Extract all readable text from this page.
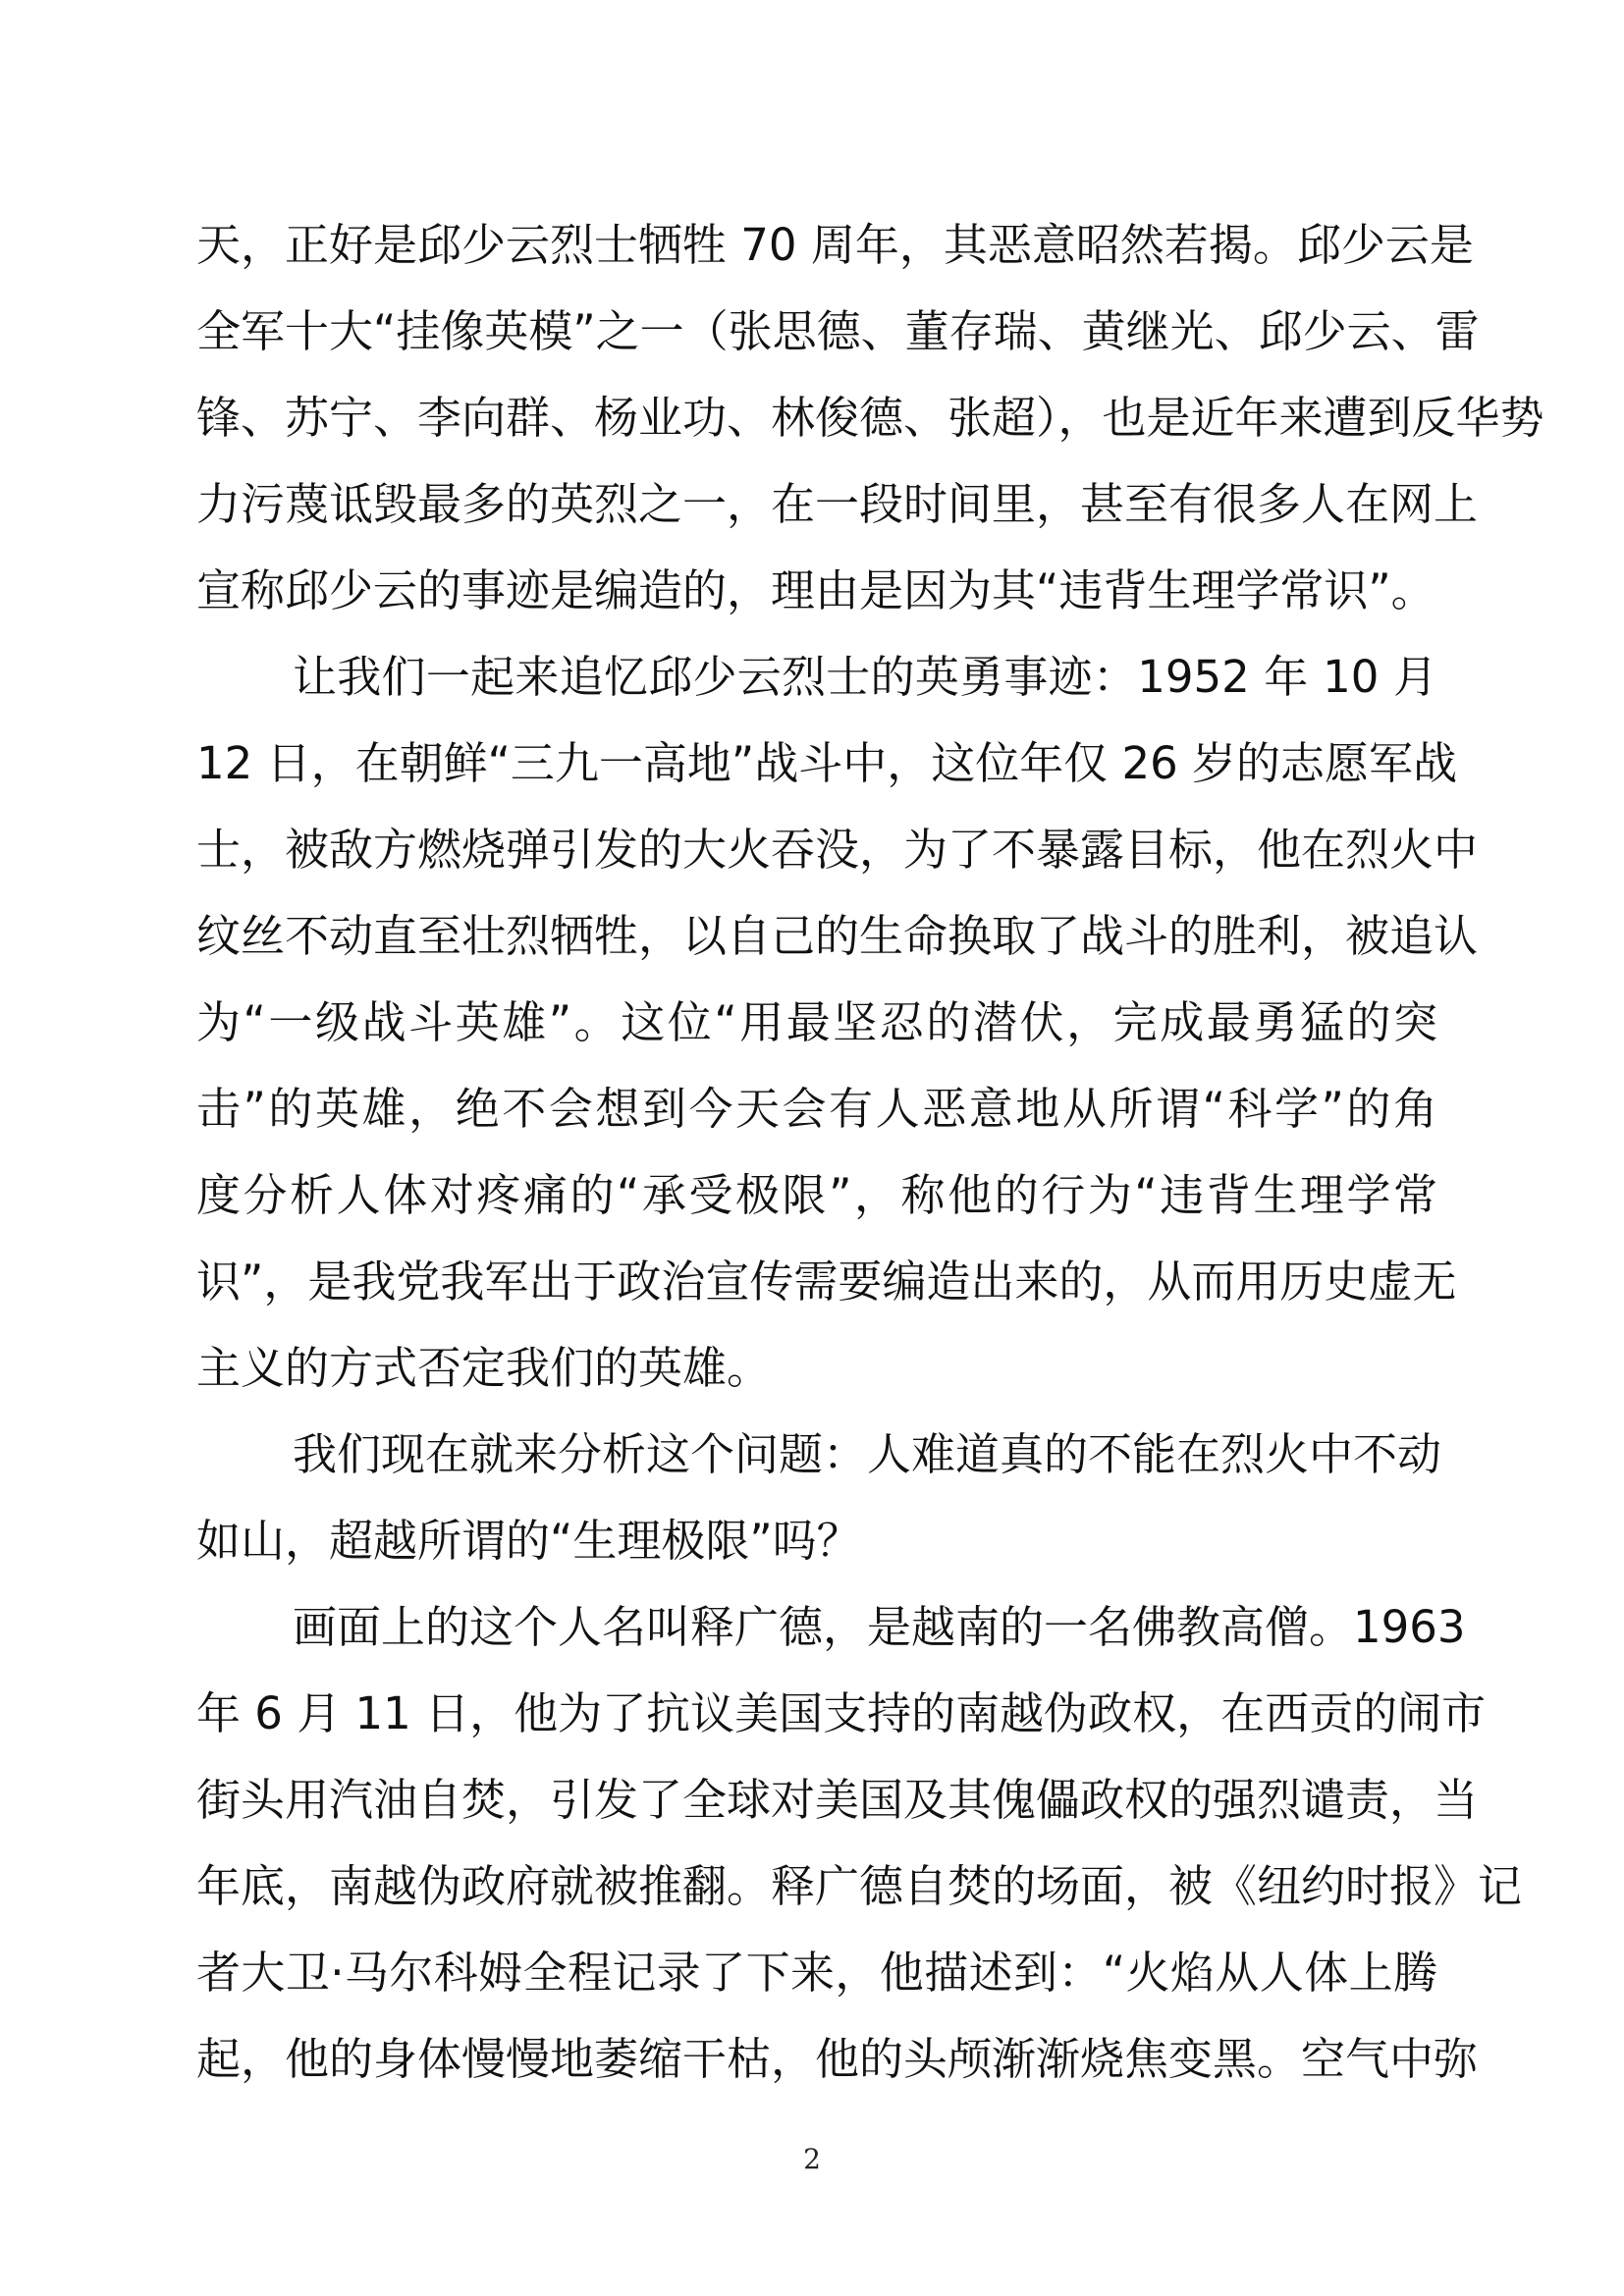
天，正好是邱少云烈士牺牲 70 周年，其恶意昭然若揭。邱少云是
全军十大“挂像英模”之一（张思德、董存瑞、黄继光、邱少云、雷
锋、苏宁、李向群、杨业功、林俊德、张超），也是近年来遭到反华势
力污蔑诋毁最多的英烈之一，在一段时间里，甚至有很多人在网上
宣称邱少云的事迹是编造的，理由是因为其“违背生理学常识”。
让我们一起来追忆邱少云烈士的英勇事迹：1952 年 10 月
12 日，在朝鲜“三九一高地”战斗中，这位年仅 26 岁的志愿军战
士，被敌方燃烧弹引发的大火吞没，为了不暴露目标，他在烈火中
纹丝不动直至壮烈牺牲，以自己的生命换取了战斗的胜利，被追认
为“一级战斗英雄”。这位“用最坚忍的潜伏，完成最勇猛的突
击”的英雄，绝不会想到今天会有人恶意地从所谓“科学”的角
度分析人体对疼痛的“承受极限”，称他的行为“违背生理学常
识”，是我党我军出于政治宣传需要编造出来的，从而用历史虚无
主义的方式否定我们的英雄。
我们现在就来分析这个问题：人难道真的不能在烈火中不动
如山，超越所谓的“生理极限”吗？
画面上的这个人名叫释广德，是越南的一名佛教高僧。1963
年 6 月 11 日，他为了抗议美国支持的南越伪政权，在西贡的闹市
街头用汽油自焚，引发了全球对美国及其傀儡政权的强烈谴责，当
年底，南越伪政府就被推翻。释广德自焚的场面，被《纽约时报》记
者大卫·马尔科姆全程记录了下来，他描述到：“火焰从人体上腾
起，他的身体慢慢地萎缩干枯，他的头颅渐渐烧焦变黑。空气中弥
2
